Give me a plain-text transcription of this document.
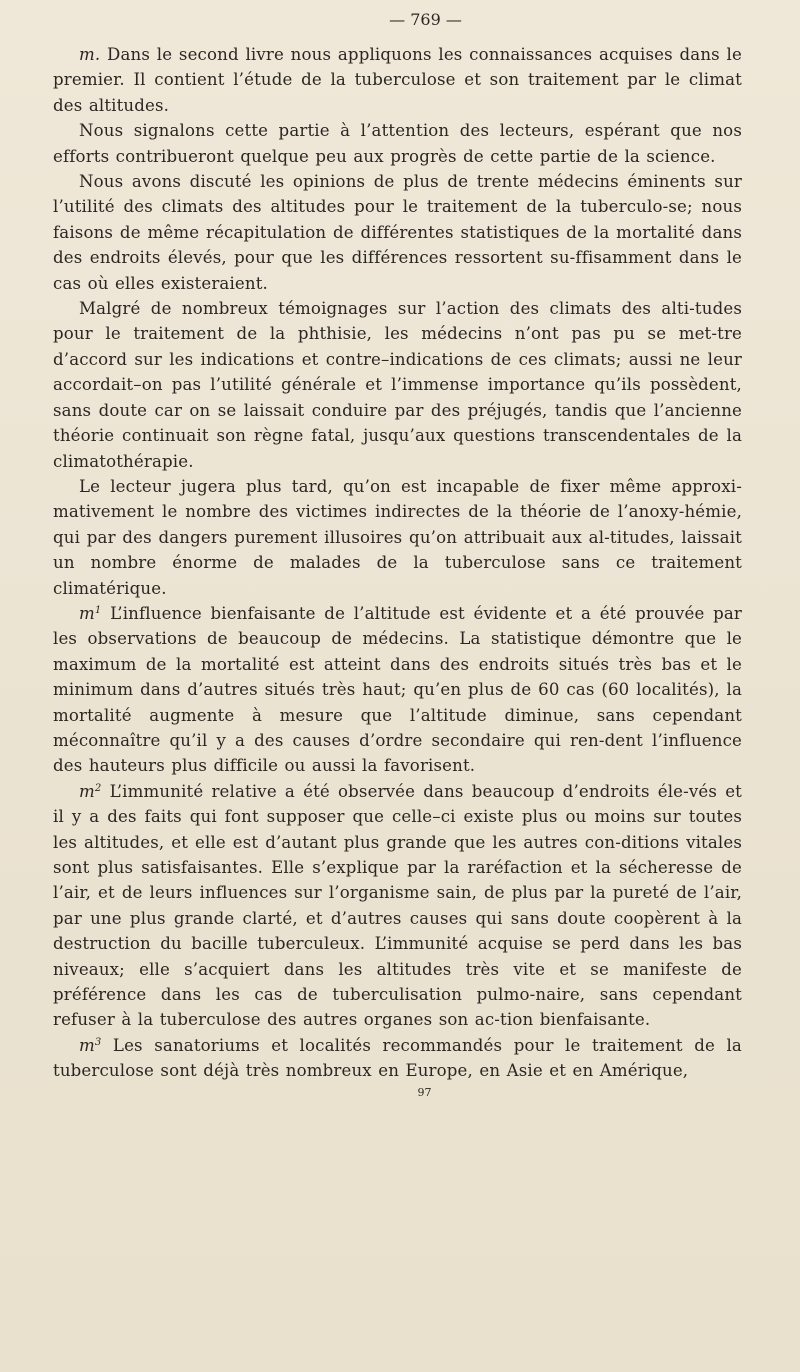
— 769 —

m. Dans le second livre nous appliquons les connaissances acquises dans le premier. Il contient l’étude de la tuberculose et son traitement par le climat des altitudes.

Nous signalons cette partie à l’attention des lecteurs, espérant que nos efforts contribueront quelque peu aux progrès de cette partie de la science.

Nous avons discuté les opinions de plus de trente médecins éminents sur l’utilité des climats des altitudes pour le traitement de la tuberculo-se; nous faisons de même récapitulation de différentes statistiques de la mortalité dans des endroits élevés, pour que les différences ressortent su-ffisamment dans le cas où elles existeraient.

Malgré de nombreux témoignages sur l’action des climats des alti-tudes pour le traitement de la phthisie, les médecins n’ont pas pu se met-tre d’accord sur les indications et contre–indications de ces climats; aussi ne leur accordait–on pas l’utilité générale et l’immense importance qu’ils possèdent, sans doute car on se laissait conduire par des préjugés, tandis que l’ancienne théorie continuait son règne fatal, jusqu’aux questions transcendentales de la climatothérapie.

Le lecteur jugera plus tard, qu’on est incapable de fixer même approxi-mativement le nombre des victimes indirectes de la théorie de l’anoxy-hémie, qui par des dangers purement illusoires qu’on attribuait aux al-titudes, laissait un nombre énorme de malades de la tuberculose sans ce traitement climatérique.

$m^1$ L’influence bienfaisante de l’altitude est évidente et a été prouvée par les observations de beaucoup de médecins. La statistique démontre que le maximum de la mortalité est atteint dans des endroits situés très bas et le minimum dans d’autres situés très haut; qu’en plus de 60 cas (60 localités), la mortalité augmente à mesure que l’altitude diminue, sans cependant méconnaître qu’il y a des causes d’ordre secondaire qui ren-dent l’influence des hauteurs plus difficile ou aussi la favorisent.

$m^2$ L’immunité relative a été observée dans beaucoup d’endroits éle-vés et il y a des faits qui font supposer que celle–ci existe plus ou moins sur toutes les altitudes, et elle est d’autant plus grande que les autres con-ditions vitales sont plus satisfaisantes. Elle s’explique par la raréfaction et la sécheresse de l’air, et de leurs influences sur l’organisme sain, de plus par la pureté de l’air, par une plus grande clarté, et d’autres causes qui sans doute coopèrent à la destruction du bacille tuberculeux. L’immunité acquise se perd dans les bas niveaux; elle s’acquiert dans les altitudes très vite et se manifeste de préférence dans les cas de tuberculisation pulmo-naire, sans cependant refuser à la tuberculose des autres organes son ac-tion bienfaisante.

$m^3$ Les sanatoriums et localités recommandés pour le traitement de la tuberculose sont déjà très nombreux en Europe, en Asie et en Amérique,

97
